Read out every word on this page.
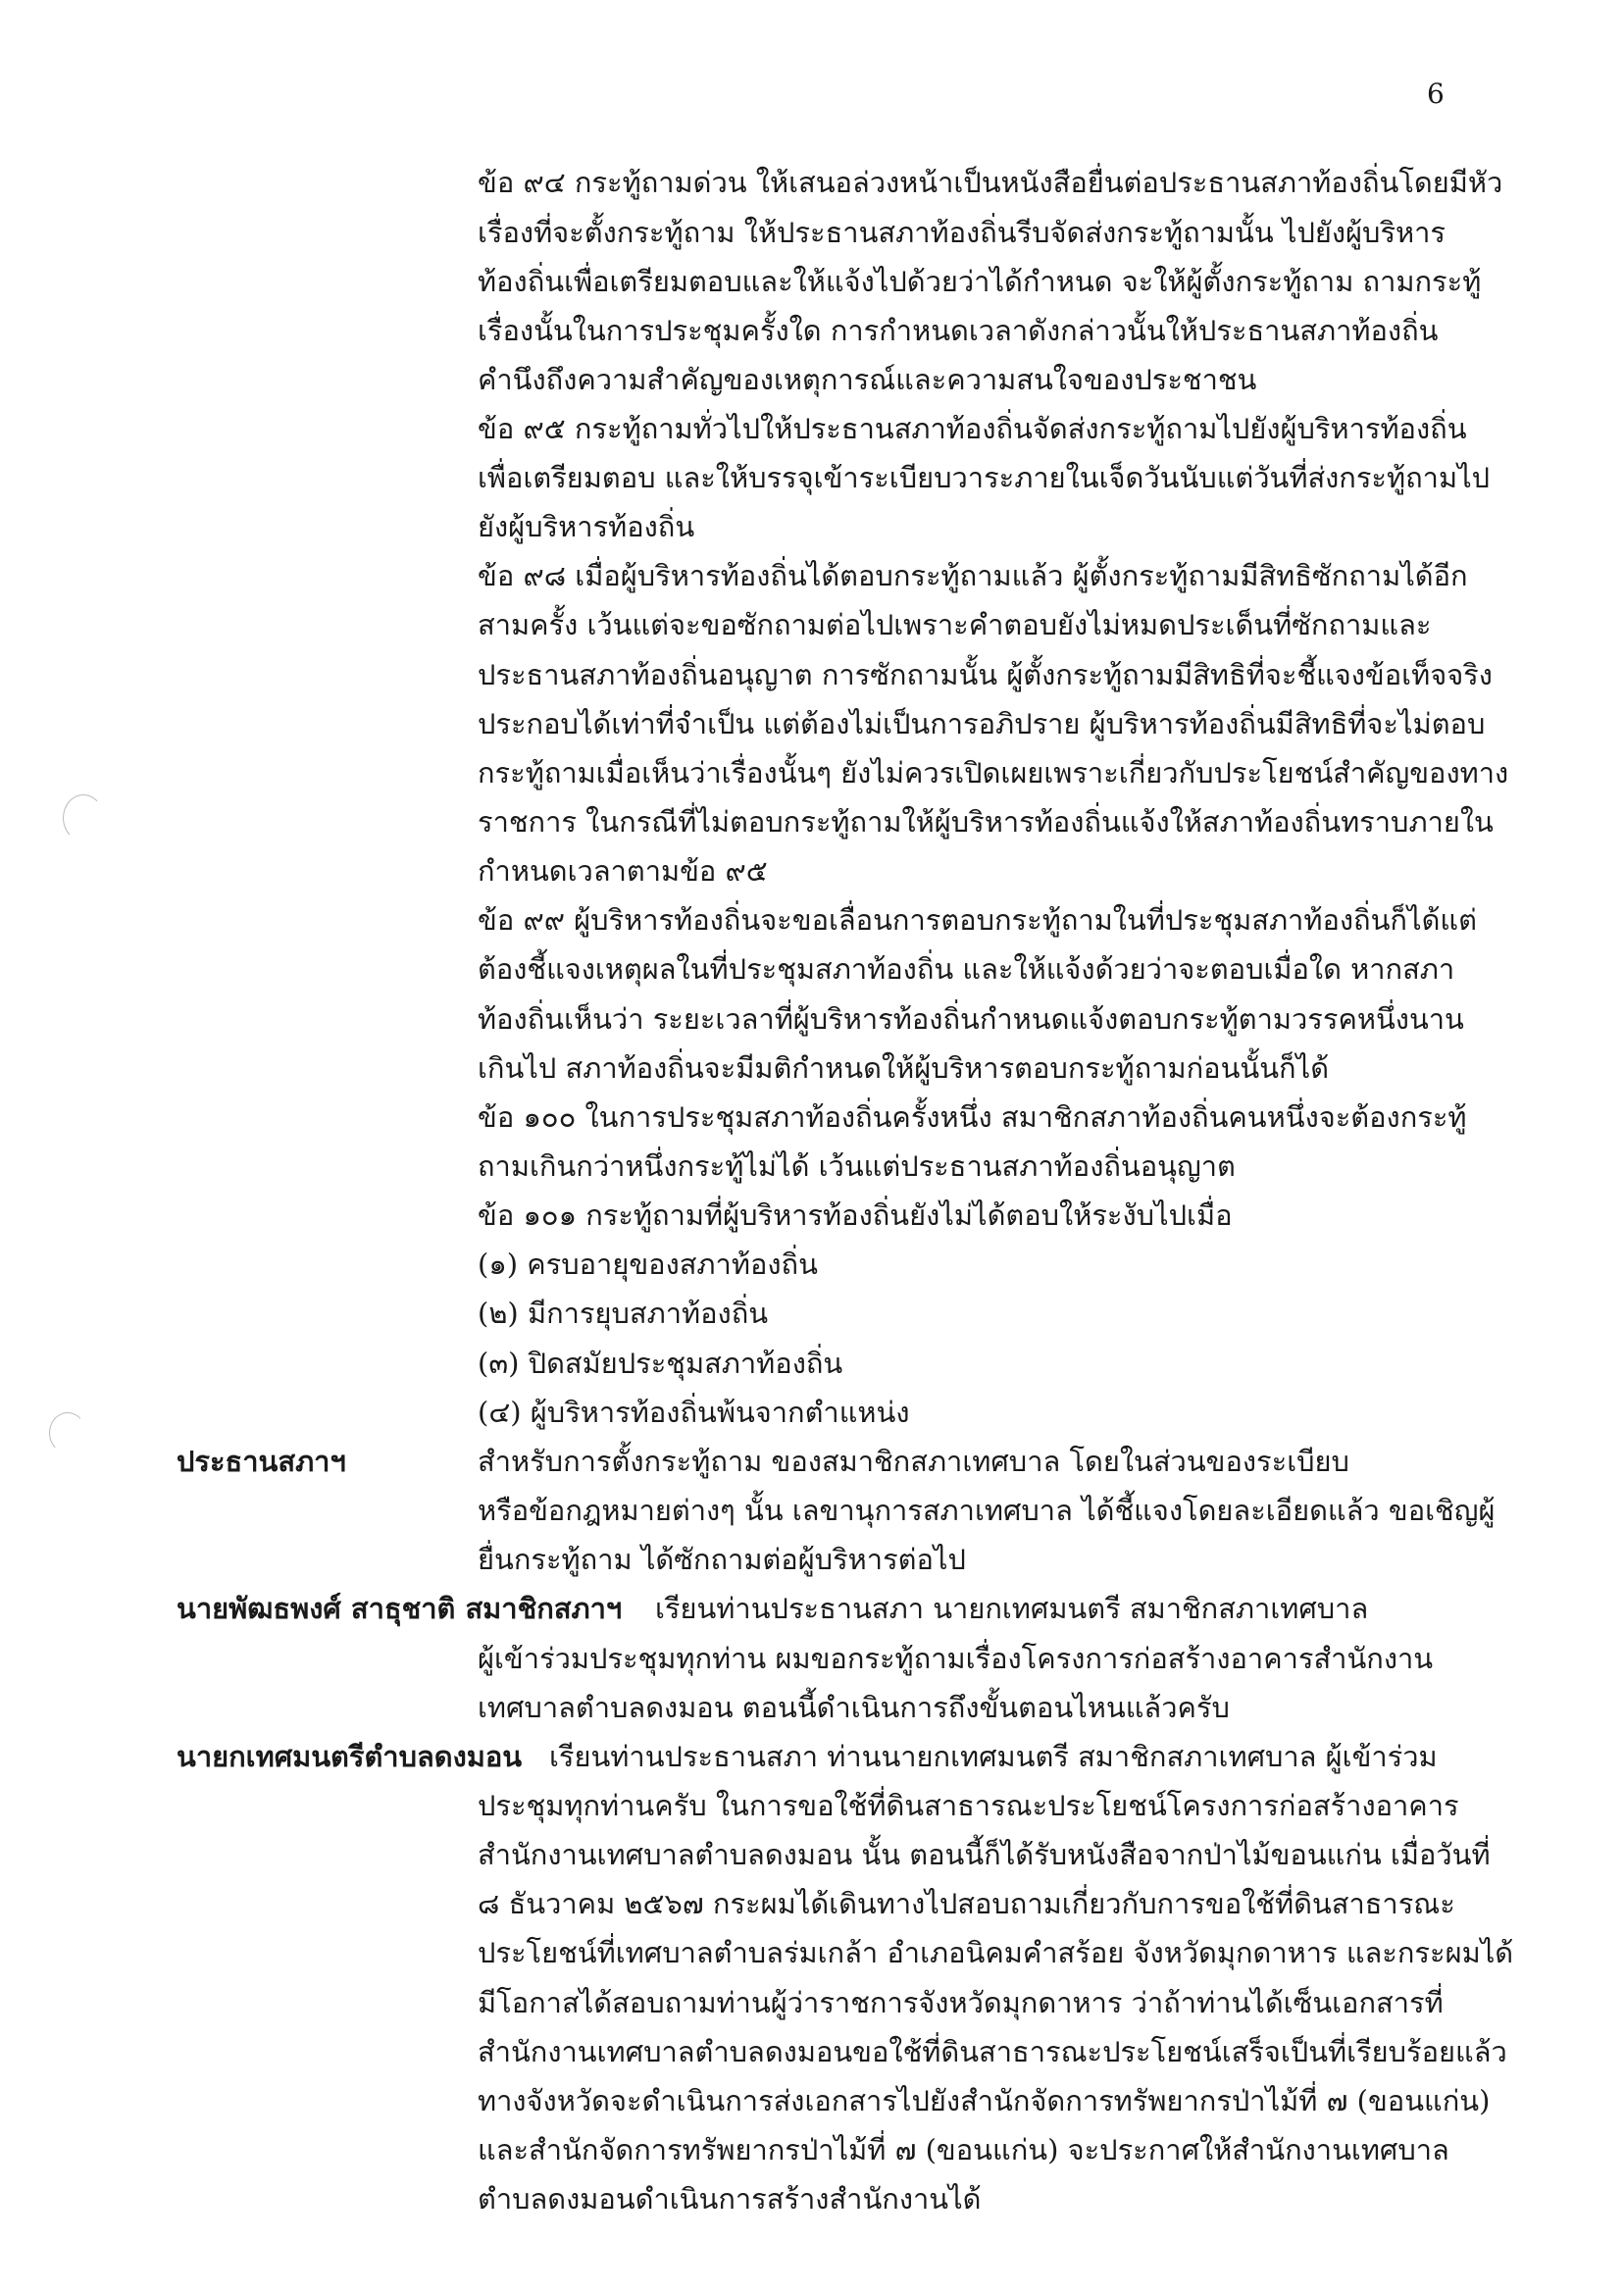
6
ข้อ ๙๔ กระทู้ถามด่วน ให้เสนอล่วงหน้าเป็นหนังสือยื่นต่อประธานสภาท้องถิ่นโดยมีหัว
เรื่องที่จะตั้งกระทู้ถาม ให้ประธานสภาท้องถิ่นรีบจัดส่งกระทู้ถามนั้น ไปยังผู้บริหาร
ท้องถิ่นเพื่อเตรียมตอบและให้แจ้งไปด้วยว่าได้กำหนด จะให้ผู้ตั้งกระทู้ถาม ถามกระทู้
เรื่องนั้นในการประชุมครั้งใด การกำหนดเวลาดังกล่าวนั้นให้ประธานสภาท้องถิ่น
คำนึงถึงความสำคัญของเหตุการณ์และความสนใจของประชาชน
ข้อ ๙๕ กระทู้ถามทั่วไปให้ประธานสภาท้องถิ่นจัดส่งกระทู้ถามไปยังผู้บริหารท้องถิ่น
เพื่อเตรียมตอบ และให้บรรจุเข้าระเบียบวาระภายในเจ็ดวันนับแต่วันที่ส่งกระทู้ถามไป
ยังผู้บริหารท้องถิ่น
ข้อ ๙๘ เมื่อผู้บริหารท้องถิ่นได้ตอบกระทู้ถามแล้ว ผู้ตั้งกระทู้ถามมีสิทธิซักถามได้อีก
สามครั้ง เว้นแต่จะขอซักถามต่อไปเพราะคำตอบยังไม่หมดประเด็นที่ซักถามและ
ประธานสภาท้องถิ่นอนุญาต การซักถามนั้น ผู้ตั้งกระทู้ถามมีสิทธิที่จะชี้แจงข้อเท็จจริง
ประกอบได้เท่าที่จำเป็น แต่ต้องไม่เป็นการอภิปราย ผู้บริหารท้องถิ่นมีสิทธิที่จะไม่ตอบ
กระทู้ถามเมื่อเห็นว่าเรื่องนั้นๆ ยังไม่ควรเปิดเผยเพราะเกี่ยวกับประโยชน์สำคัญของทาง
ราชการ ในกรณีที่ไม่ตอบกระทู้ถามให้ผู้บริหารท้องถิ่นแจ้งให้สภาท้องถิ่นทราบภายใน
กำหนดเวลาตามข้อ ๙๕
ข้อ ๙๙ ผู้บริหารท้องถิ่นจะขอเลื่อนการตอบกระทู้ถามในที่ประชุมสภาท้องถิ่นก็ได้แต่
ต้องชี้แจงเหตุผลในที่ประชุมสภาท้องถิ่น และให้แจ้งด้วยว่าจะตอบเมื่อใด หากสภา
ท้องถิ่นเห็นว่า ระยะเวลาที่ผู้บริหารท้องถิ่นกำหนดแจ้งตอบกระทู้ตามวรรคหนึ่งนาน
เกินไป สภาท้องถิ่นจะมีมติกำหนดให้ผู้บริหารตอบกระทู้ถามก่อนนั้นก็ได้
ข้อ ๑๐๐ ในการประชุมสภาท้องถิ่นครั้งหนึ่ง สมาชิกสภาท้องถิ่นคนหนึ่งจะต้องกระทู้
ถามเกินกว่าหนึ่งกระทู้ไม่ได้ เว้นแต่ประธานสภาท้องถิ่นอนุญาต
ข้อ ๑๐๑ กระทู้ถามที่ผู้บริหารท้องถิ่นยังไม่ได้ตอบให้ระงับไปเมื่อ
(๑) ครบอายุของสภาท้องถิ่น
(๒) มีการยุบสภาท้องถิ่น
(๓) ปิดสมัยประชุมสภาท้องถิ่น
(๔) ผู้บริหารท้องถิ่นพ้นจากตำแหน่ง
ประธานสภาฯ	สำหรับการตั้งกระทู้ถาม ของสมาชิกสภาเทศบาล โดยในส่วนของระเบียบ
หรือข้อกฎหมายต่างๆ นั้น เลขานุการสภาเทศบาล ได้ชี้แจงโดยละเอียดแล้ว ขอเชิญผู้
ยื่นกระทู้ถาม ได้ซักถามต่อผู้บริหารต่อไป
นายพัฒธพงศ์ สาธุชาติ สมาชิกสภาฯ เรียนท่านประธานสภา นายกเทศมนตรี สมาชิกสภาเทศบาล
ผู้เข้าร่วมประชุมทุกท่าน ผมขอกระทู้ถามเรื่องโครงการก่อสร้างอาคารสำนักงาน
เทศบาลตำบลดงมอน ตอนนี้ดำเนินการถึงขั้นตอนไหนแล้วครับ
นายกเทศมนตรีตำบลดงมอน เรียนท่านประธานสภา ท่านนายกเทศมนตรี สมาชิกสภาเทศบาล ผู้เข้าร่วม
ประชุมทุกท่านครับ ในการขอใช้ที่ดินสาธารณะประโยชน์โครงการก่อสร้างอาคาร
สำนักงานเทศบาลตำบลดงมอน นั้น ตอนนี้ก็ได้รับหนังสือจากป่าไม้ขอนแก่น เมื่อวันที่
๘ ธันวาคม ๒๕๖๗ กระผมได้เดินทางไปสอบถามเกี่ยวกับการขอใช้ที่ดินสาธารณะ
ประโยชน์ที่เทศบาลตำบลร่มเกล้า อำเภอนิคมคำสร้อย จังหวัดมุกดาหาร และกระผมได้
มีโอกาสได้สอบถามท่านผู้ว่าราชการจังหวัดมุกดาหาร ว่าถ้าท่านได้เซ็นเอกสารที่
สำนักงานเทศบาลตำบลดงมอนขอใช้ที่ดินสาธารณะประโยชน์เสร็จเป็นที่เรียบร้อยแล้ว
ทางจังหวัดจะดำเนินการส่งเอกสารไปยังสำนักจัดการทรัพยากรป่าไม้ที่ ๗ (ขอนแก่น)
และสำนักจัดการทรัพยากรป่าไม้ที่ ๗ (ขอนแก่น) จะประกาศให้สำนักงานเทศบาล
ตำบลดงมอนดำเนินการสร้างสำนักงานได้
